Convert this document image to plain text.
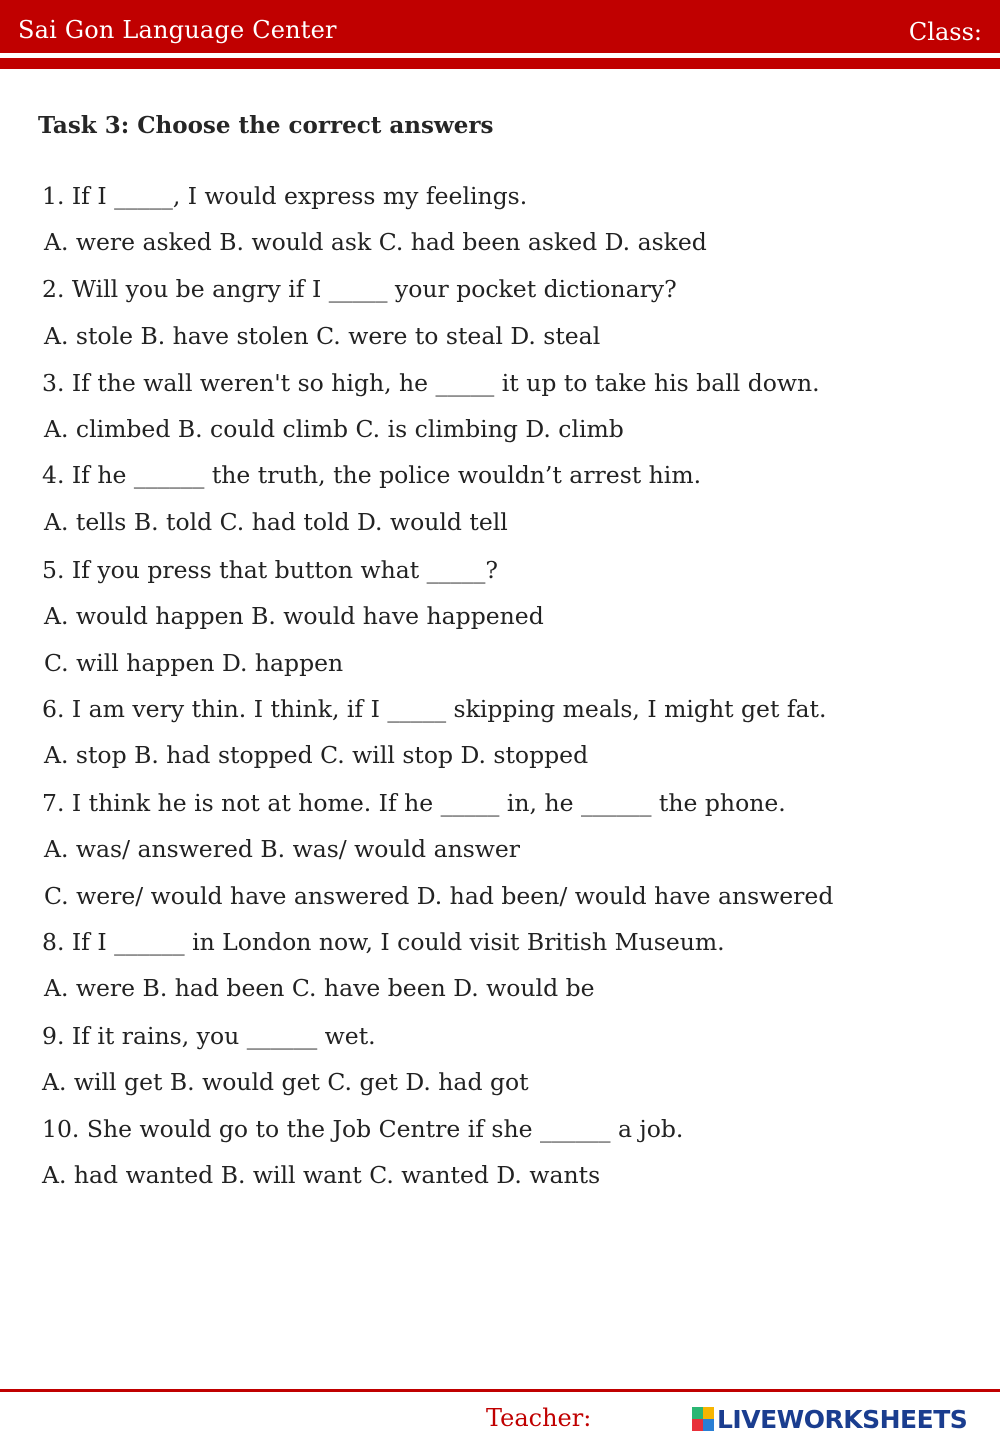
Sai Gon Language Center	Class:
Task 3: Choose the correct answers
1. If I _____, I would express my feelings.
A. were asked B. would ask C. had been asked D. asked
2. Will you be angry if I _____ your pocket dictionary?
A. stole B. have stolen C. were to steal D. steal
3. If the wall weren't so high, he _____ it up to take his ball down.
A. climbed B. could climb C. is climbing D. climb
4. If he ______ the truth, the police wouldn’t arrest him.
A. tells B. told C. had told D. would tell
5. If you press that button what _____?
A. would happen B. would have happened
C. will happen D. happen
6. I am very thin. I think, if I _____ skipping meals, I might get fat.
A. stop B. had stopped C. will stop D. stopped
7. I think he is not at home. If he _____ in, he ______ the phone.
A. was/ answered B. was/ would answer
C. were/ would have answered D. had been/ would have answered
8. If I ______ in London now, I could visit British Museum.
A. were B. had been C. have been D. would be
9. If it rains, you ______ wet.
A. will get B. would get C. get D. had got
10. She would go to the Job Centre if she ______ a job.
A. had wanted B. will want C. wanted D. wants
Teacher:	LIVEWORKSHEETS
